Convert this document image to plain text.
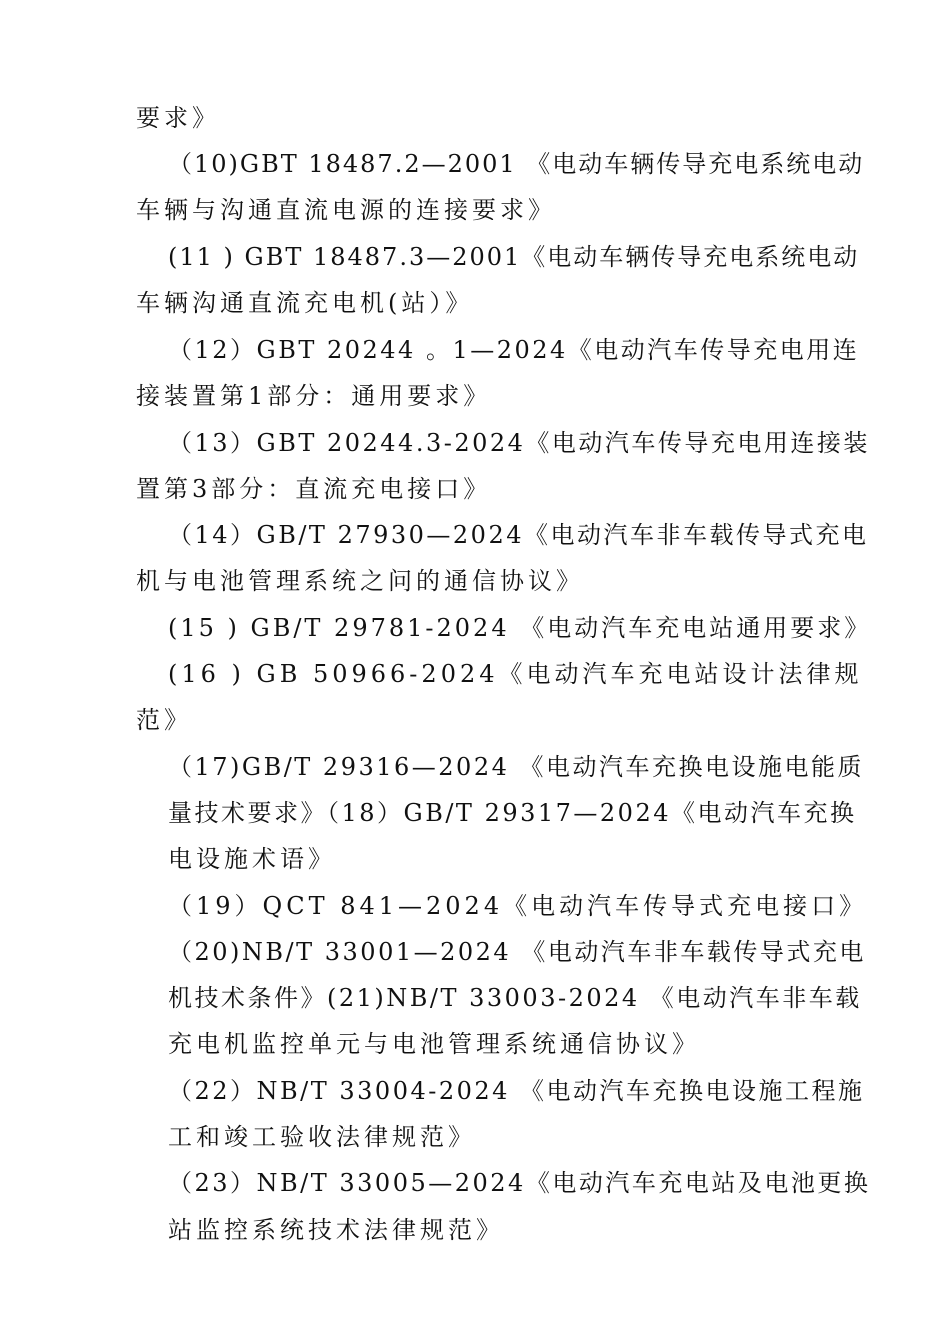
要求》
（10)GBT 18487.2—2001 《电动车辆传导充电系统电动
车辆与沟通直流电源的连接要求》
(11 ) GBT 18487.3—2001《电动车辆传导充电系统电动
车辆沟通直流充电机(站）》
（12）GBT 20244 。1—2024《电动汽车传导充电用连
接装置第1部分：通用要求》
（13）GBT 20244.3-2024《电动汽车传导充电用连接装
置第3部分：直流充电接口》
（14）GB/T 27930—2024《电动汽车非车载传导式充电
机与电池管理系统之问的通信协议》
(15 ) GB/T 29781-2024 《电动汽车充电站通用要求》
(16 ) GB 50966-2024《电动汽车充电站设计法律规
范》
（17)GB/T 29316—2024 《电动汽车充换电设施电能质
量技术要求》（18）GB/T 29317—2024《电动汽车充换
电设施术语》
（19）QCT 841—2024《电动汽车传导式充电接口》
（20)NB/T 33001—2024 《电动汽车非车载传导式充电
机技术条件》(21)NB/T 33003-2024 《电动汽车非车载
充电机监控单元与电池管理系统通信协议》
（22）NB/T 33004-2024 《电动汽车充换电设施工程施
工和竣工验收法律规范》
（23）NB/T 33005—2024《电动汽车充电站及电池更换
站监控系统技术法律规范》
